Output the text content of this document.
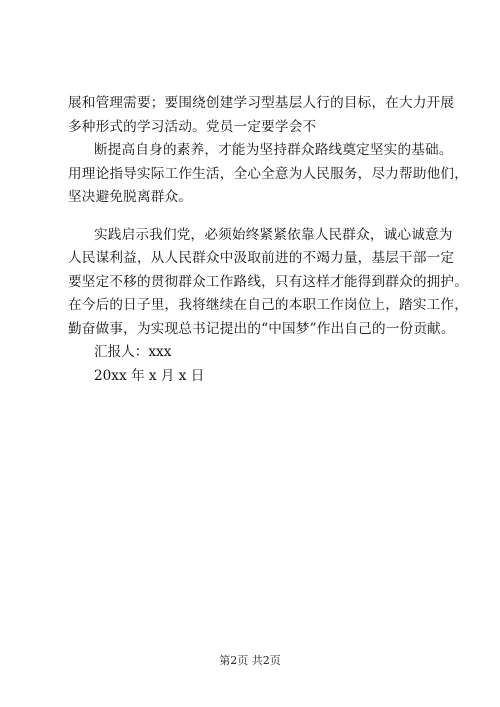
展和管理需要；要围绕创建学习型基层人行的目标，在大力开展
多种形式的学习活动。党员一定要学会不
断提高自身的素养，才能为坚持群众路线奠定坚实的基础。
用理论指导实际工作生活，全心全意为人民服务，尽力帮助他们，
坚决避免脱离群众。
实践启示我们党，必须始终紧紧依靠人民群众，诚心诚意为
人民谋利益，从人民群众中汲取前进的不竭力量，基层干部一定
要坚定不移的贯彻群众工作路线，只有这样才能得到群众的拥护。
在今后的日子里，我将继续在自己的本职工作岗位上，踏实工作，
勤奋做事，为实现总书记提出的“中国梦”作出自己的一份贡献。
汇报人：xxx
20xx 年 x 月 x 日
第2页 共2页
